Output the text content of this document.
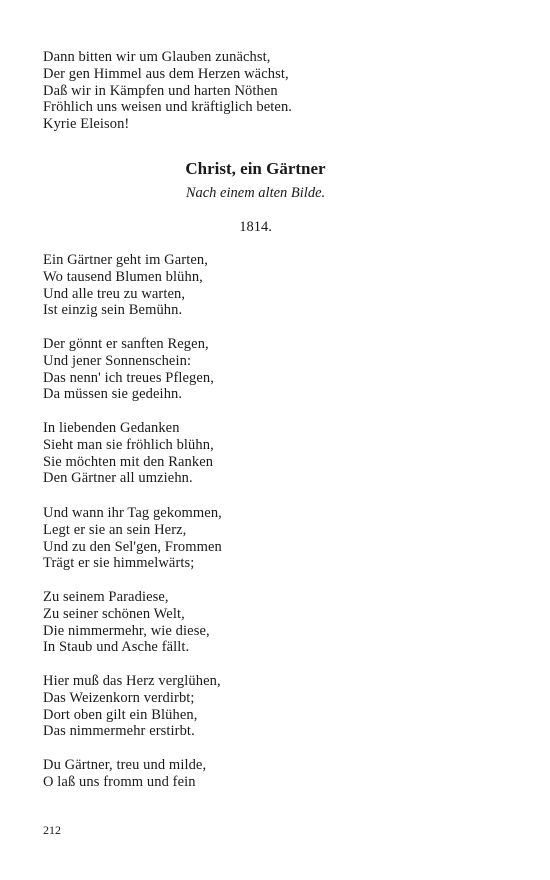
Dann bitten wir um Glauben zunächst,
Der gen Himmel aus dem Herzen wächst,
Daß wir in Kämpfen und harten Nöthen
Fröhlich uns weisen und kräftiglich beten.
Kyrie Eleison!
Christ, ein Gärtner
Nach einem alten Bilde.
1814.
Ein Gärtner geht im Garten,
Wo tausend Blumen blühn,
Und alle treu zu warten,
Ist einzig sein Bemühn.
Der gönnt er sanften Regen,
Und jener Sonnenschein:
Das nenn' ich treues Pflegen,
Da müssen sie gedeihn.
In liebenden Gedanken
Sieht man sie fröhlich blühn,
Sie möchten mit den Ranken
Den Gärtner all umziehn.
Und wann ihr Tag gekommen,
Legt er sie an sein Herz,
Und zu den Sel'gen, Frommen
Trägt er sie himmelwärts;
Zu seinem Paradiese,
Zu seiner schönen Welt,
Die nimmermehr, wie diese,
In Staub und Asche fällt.
Hier muß das Herz verglühen,
Das Weizenkorn verdirbt;
Dort oben gilt ein Blühen,
Das nimmermehr erstirbt.
Du Gärtner, treu und milde,
O laß uns fromm und fein
212
